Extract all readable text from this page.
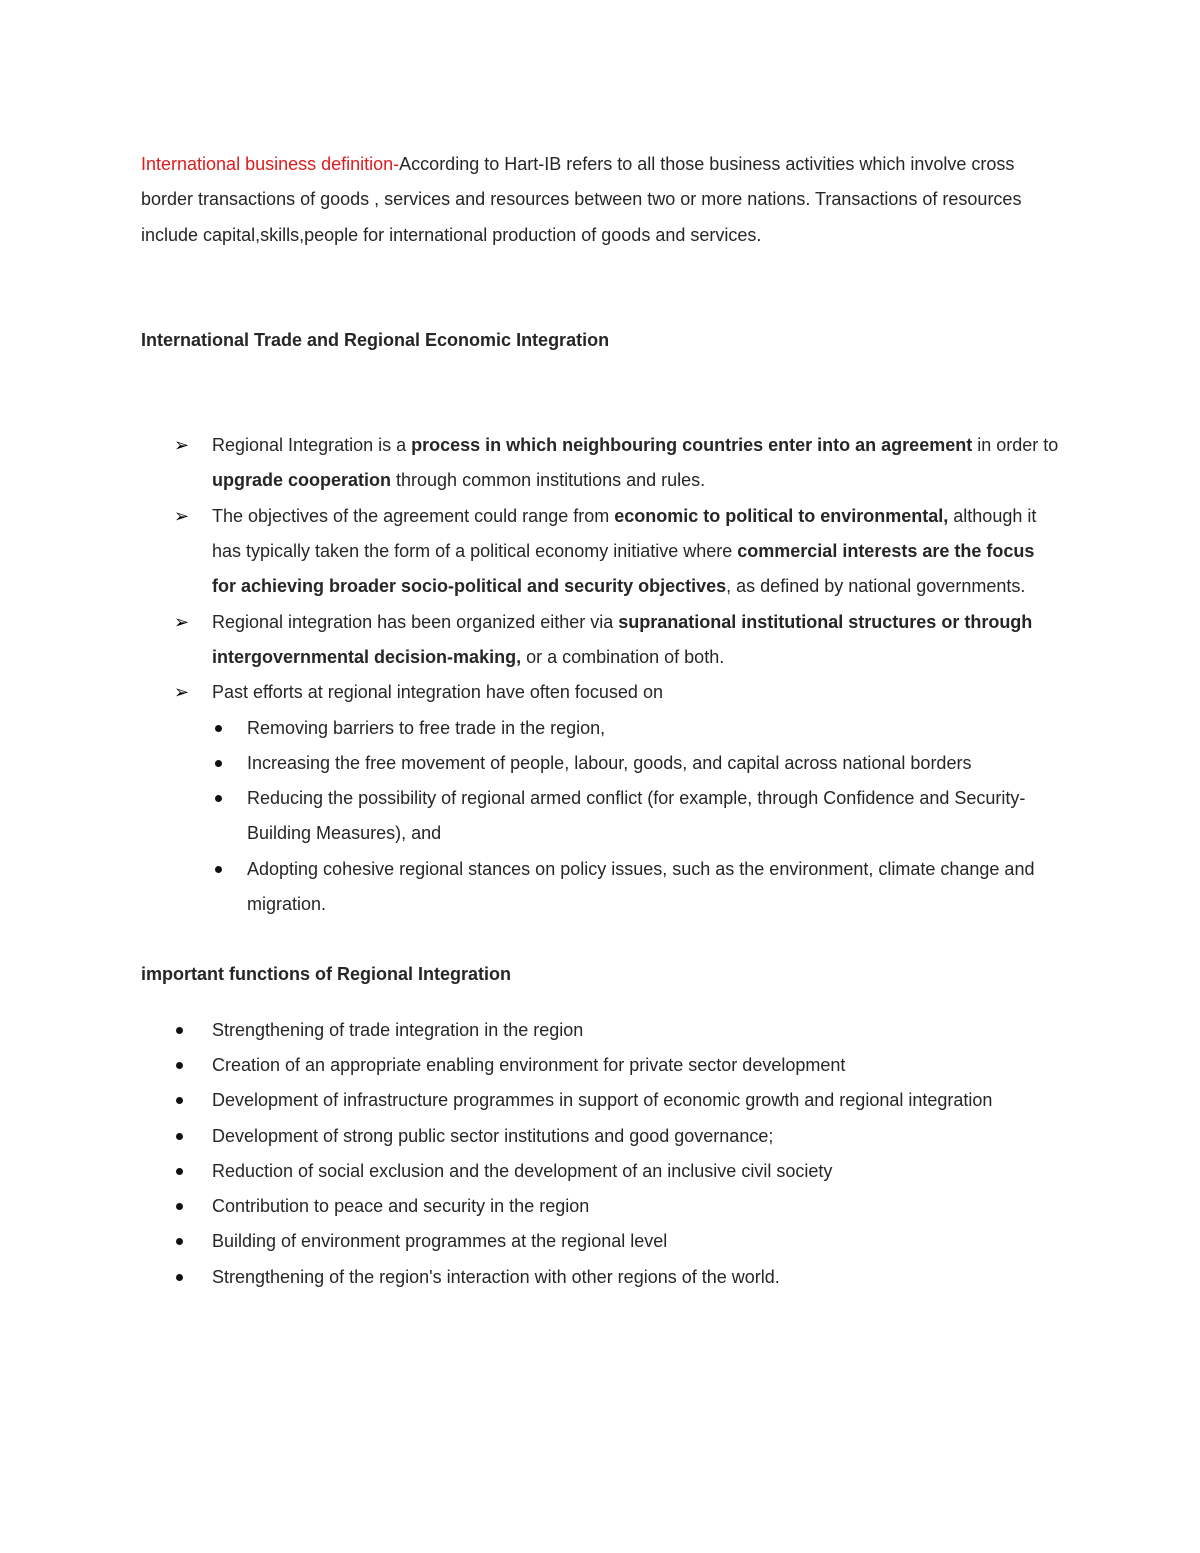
International business definition-According to Hart-IB refers to all those business activities which involve cross border transactions of goods , services and resources between two or more nations. Transactions of resources include capital,skills,people for international production of goods and services.

International Trade and Regional Economic Integration

➢ Regional Integration is a process in which neighbouring countries enter into an agreement in order to upgrade cooperation through common institutions and rules.
➢ The objectives of the agreement could range from economic to political to environmental, although it has typically taken the form of a political economy initiative where commercial interests are the focus for achieving broader socio-political and security objectives, as defined by national governments.
➢ Regional integration has been organized either via supranational institutional structures or through intergovernmental decision-making, or a combination of both.
➢ Past efforts at regional integration have often focused on
Removing barriers to free trade in the region,
Increasing the free movement of people, labour, goods, and capital across national borders
Reducing the possibility of regional armed conflict (for example, through Confidence and Security-Building Measures), and
Adopting cohesive regional stances on policy issues, such as the environment, climate change and migration.

important functions of Regional Integration

Strengthening of trade integration in the region
Creation of an appropriate enabling environment for private sector development
Development of infrastructure programmes in support of economic growth and regional integration
Development of strong public sector institutions and good governance;
Reduction of social exclusion and the development of an inclusive civil society
Contribution to peace and security in the region
Building of environment programmes at the regional level
Strengthening of the region's interaction with other regions of the world.
